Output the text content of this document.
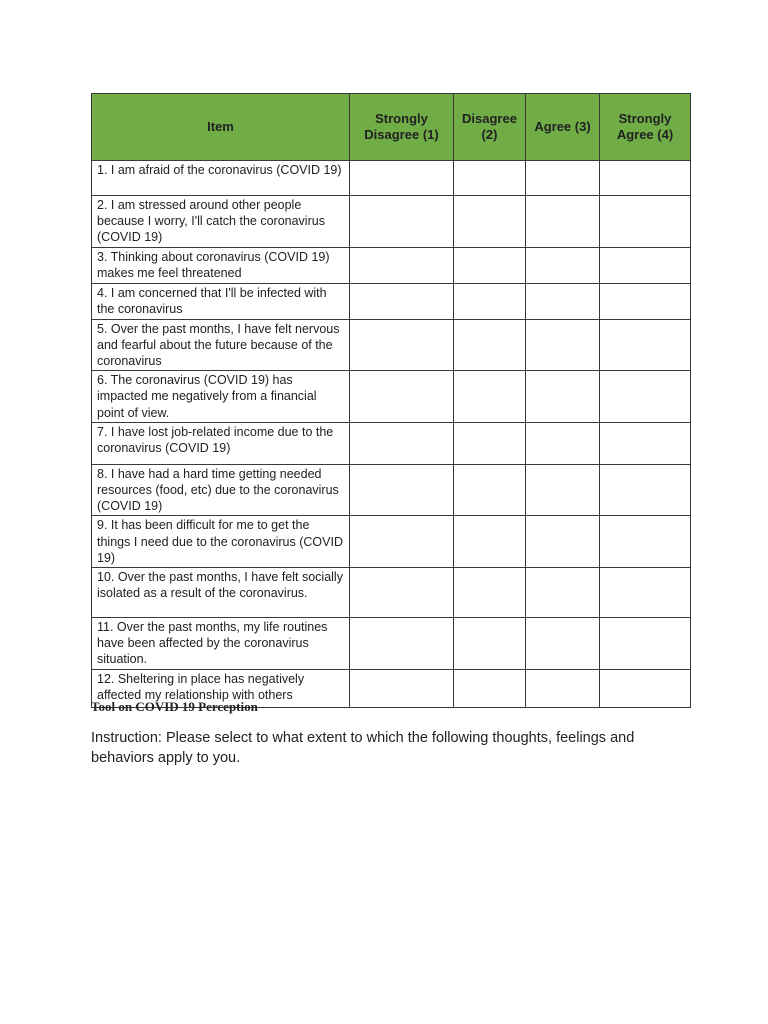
Item	Strongly Disagree (1)	Disagree (2)	Agree (3)	Strongly Agree (4)
1. I am afraid of the coronavirus (COVID 19)				
2. I am stressed around other people because I worry, I'll catch the coronavirus (COVID 19)				
3. Thinking about coronavirus (COVID 19) makes me feel threatened				
4. I am concerned that I'll be infected with the coronavirus				
5. Over the past months, I have felt nervous and fearful about the future because of the coronavirus				
6. The coronavirus (COVID 19) has impacted me negatively from a financial point of view.				
7. I have lost job-related income due to the coronavirus (COVID 19)				
8. I have had a hard time getting needed resources (food, etc) due to the coronavirus (COVID 19)				
9. It has been difficult for me to get the things I need due to the coronavirus (COVID 19)				
10. Over the past months, I have felt socially isolated as a result of the coronavirus.				
11. Over the past months, my life routines have been affected by the coronavirus situation.				
12. Sheltering in place has negatively affected my relationship with others				
Tool on COVID 19 Perception
Instruction: Please select to what extent to which the following thoughts, feelings and behaviors apply to you.
